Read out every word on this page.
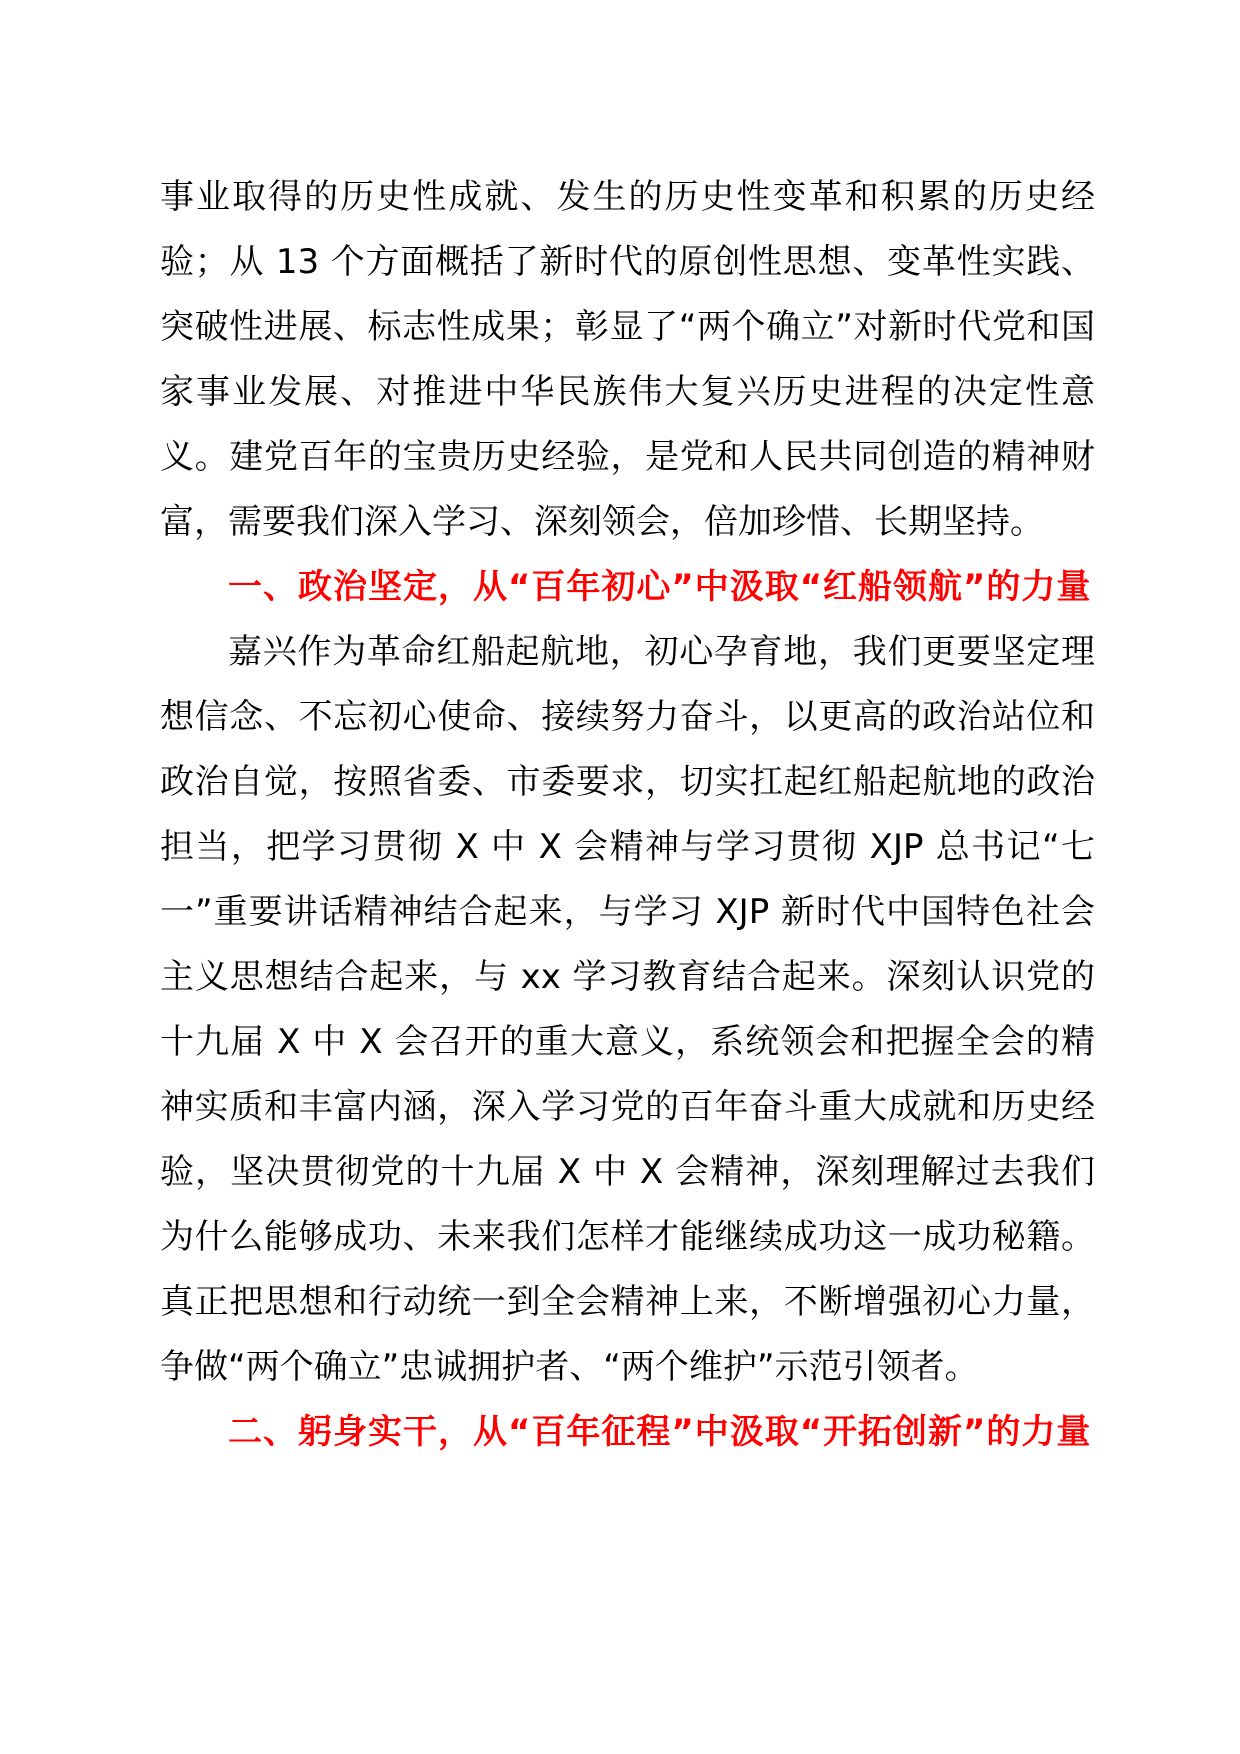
事业取得的历史性成就、发生的历史性变革和积累的历史经验；从 13 个方面概括了新时代的原创性思想、变革性实践、突破性进展、标志性成果；彰显了“两个确立”对新时代党和国家事业发展、对推进中华民族伟大复兴历史进程的决定性意义。建党百年的宝贵历史经验，是党和人民共同创造的精神财富，需要我们深入学习、深刻领会，倍加珍惜、长期坚持。

一、政治坚定，从“百年初心”中汲取“红船领航”的力量

嘉兴作为革命红船起航地，初心孕育地，我们更要坚定理想信念、不忘初心使命、接续努力奋斗，以更高的政治站位和政治自觉，按照省委、市委要求，切实扛起红船起航地的政治担当，把学习贯彻 X 中 X 会精神与学习贯彻 XJP 总书记“七一”重要讲话精神结合起来，与学习 XJP 新时代中国特色社会主义思想结合起来，与 xx 学习教育结合起来。深刻认识党的十九届 X 中 X 会召开的重大意义，系统领会和把握全会的精神实质和丰富内涵，深入学习党的百年奋斗重大成就和历史经验，坚决贯彻党的十九届 X 中 X 会精神，深刻理解过去我们为什么能够成功、未来我们怎样才能继续成功这一成功秘籍。真正把思想和行动统一到全会精神上来，不断增强初心力量，争做“两个确立”忠诚拥护者、“两个维护”示范引领者。

二、躬身实干，从“百年征程”中汲取“开拓创新”的力量
